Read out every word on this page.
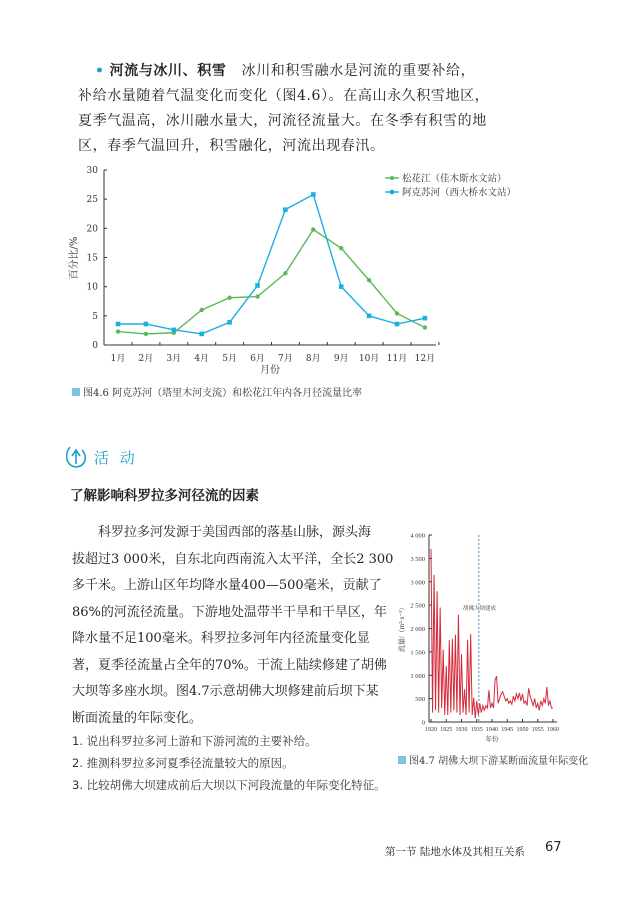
• 河流与冰川、积雪 冰川和积雪融水是河流的重要补给，
补给水量随着气温变化而变化（图4.6）。在高山永久积雪地区，
夏季气温高，冰川融水量大，河流径流量大。在冬季有积雪的地
区，春季气温回升，积雪融化，河流出现春汛。
0
5
10
15
20
25
30
1月 2月 3月 4月 5月 6月 7月 8月 9月 10月 11月 12月
月份
百分比/%
松花江（佳木斯水文站）
阿克苏河（西大桥水文站）
图4.6 阿克苏河（塔里木河支流）和松花江年内各月径流量比率
活 动
了解影响科罗拉多河径流的因素
科罗拉多河发源于美国西部的落基山脉，源头海
拔超过3 000米，自东北向西南流入太平洋，全长2 300
多千米。上游山区年均降水量400—500毫米，贡献了
86%的河流径流量。下游地处温带半干旱和干旱区，年
降水量不足100毫米。科罗拉多河年内径流量变化显
著，夏季径流量占全年的70%。干流上陆续修建了胡佛
大坝等多座水坝。图4.7示意胡佛大坝修建前后坝下某
断面流量的年际变化。	0
500
1 000
1 500
2 000
2 500
3 000
3 500
4 000
1920 1925 1930 1935 1940 1945 1950 1955 1960
年份
流量/（m³·s⁻¹）	胡佛大坝建成
图4.7 胡佛大坝下游某断面流量年际变化
1. 说出科罗拉多河上游和下游河流的主要补给。
2. 推测科罗拉多河夏季径流量较大的原因。
3. 比较胡佛大坝建成前后大坝以下河段流量的年际变化特征。
第一节 陆地水体及其相互关系 67
